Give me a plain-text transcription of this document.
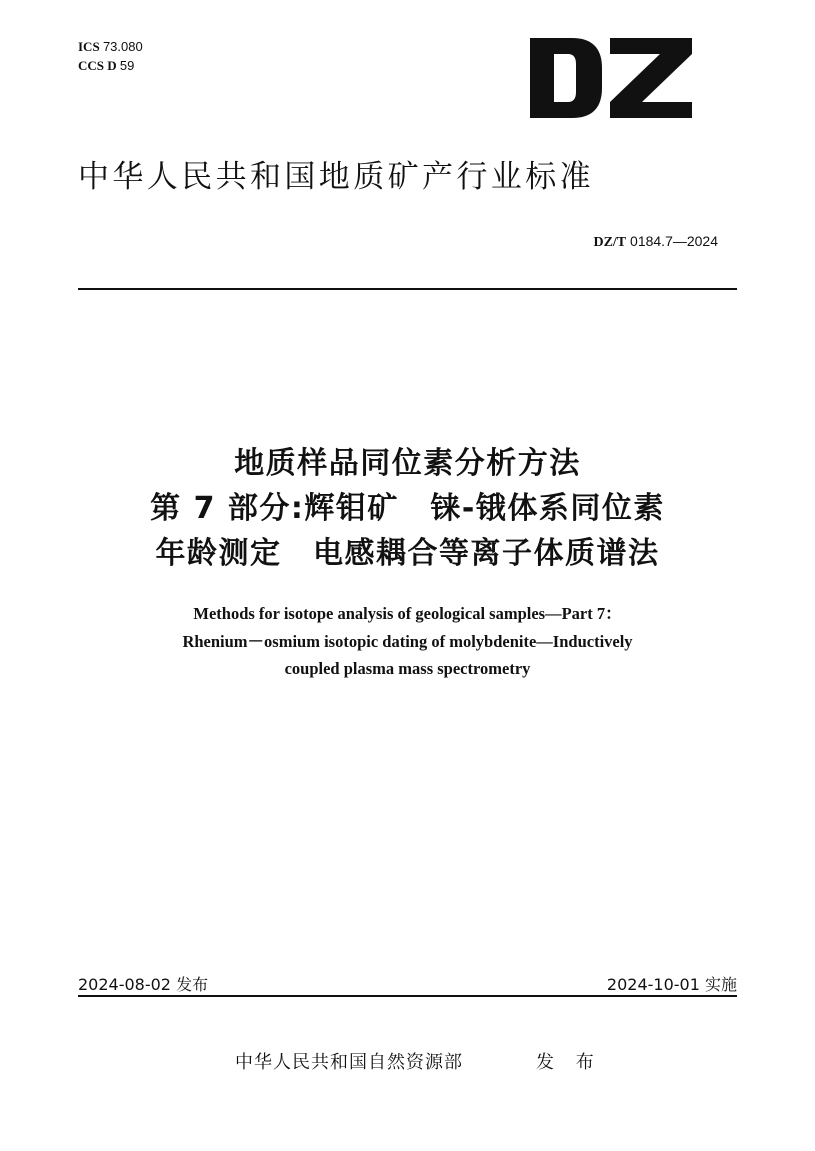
ICS 73.080
CCS D 59
中华人民共和国地质矿产行业标准
DZ/T 0184.7—2024
地质样品同位素分析方法
第 7 部分:辉钼矿　铼-锇体系同位素
年龄测定　电感耦合等离子体质谱法
Methods for isotope analysis of geological samples—Part 7：
Rhenium－osmium isotopic dating of molybdenite—Inductively
coupled plasma mass spectrometry
2024-08-02 发布	2024-10-01 实施
中华人民共和国自然资源部	发 布
